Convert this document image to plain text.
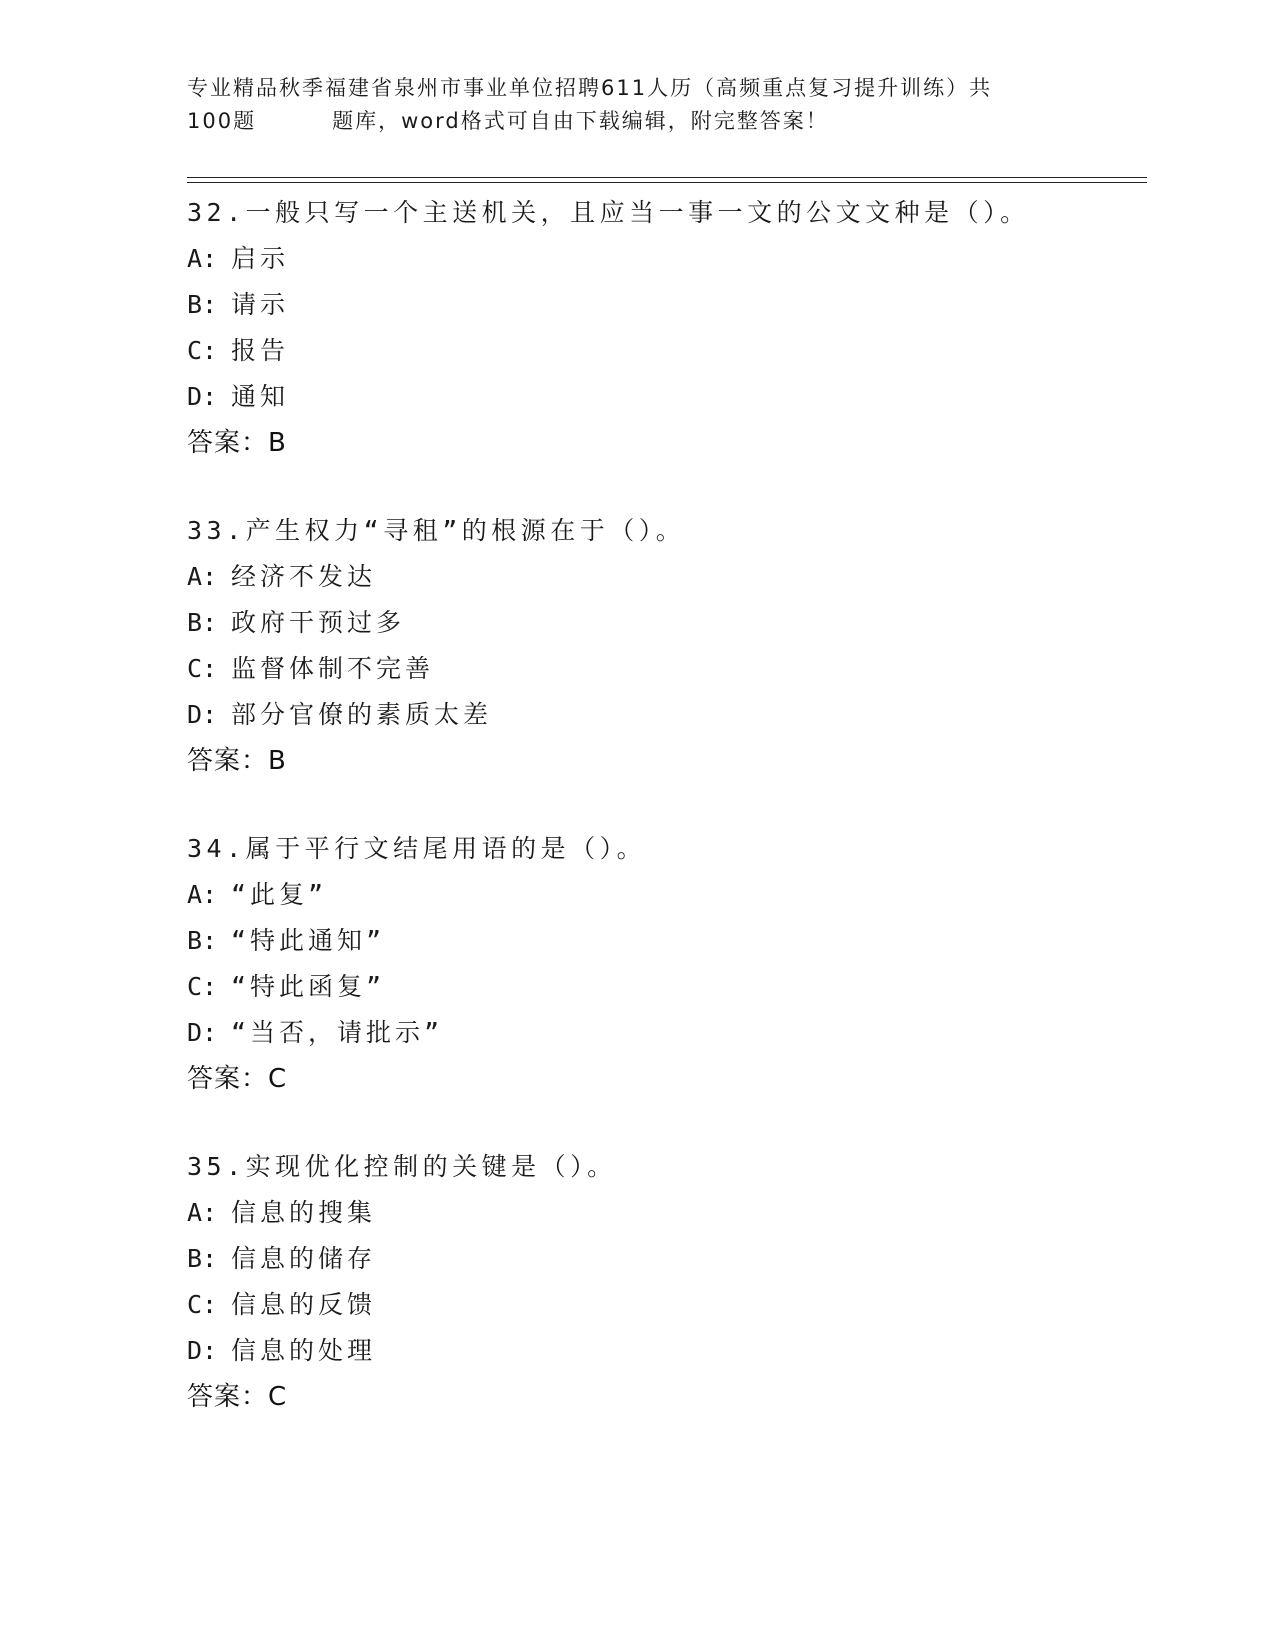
专业精品秋季福建省泉州市事业单位招聘611人历（高频重点复习提升训练）共
100题	题库，word格式可自由下载编辑，附完整答案！
32.一般只写一个主送机关，且应当一事一文的公文文种是（）。
A: 启示
B: 请示
C: 报告
D: 通知
答案：B
33.产生权力“寻租”的根源在于（）。
A: 经济不发达
B: 政府干预过多
C: 监督体制不完善
D: 部分官僚的素质太差
答案：B
34.属于平行文结尾用语的是（）。
A: “此复”
B: “特此通知”
C: “特此函复”
D: “当否，请批示”
答案：C
35.实现优化控制的关键是（）。
A: 信息的搜集
B: 信息的储存
C: 信息的反馈
D: 信息的处理
答案：C
